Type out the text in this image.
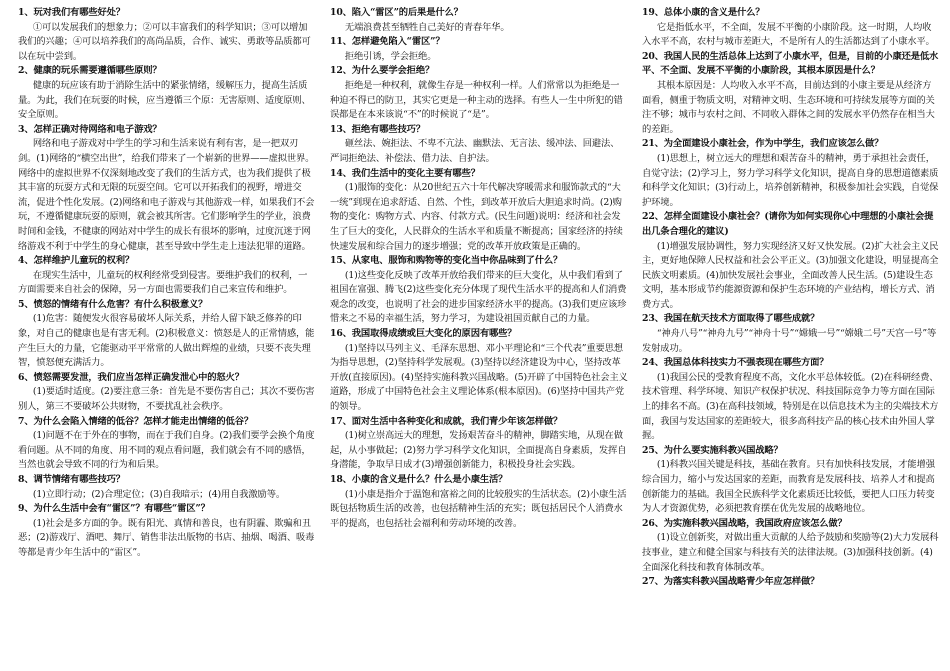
1、玩对我们有哪些好处？
①可以发展我们的想象力；②可以丰富我们的科学知识；③可以增加我们的兴趣；④可以培养我们的高尚品质，合作、诚实、勇敢等品质都可以在玩中尝到。
2、健康的玩乐需要遵循哪些原则？
健康的玩应该有助于消除生活中的紧张情绪，缓解压力，提高生活质量。为此，我们在玩耍的时候，应当遵循三个原：无害原则、适度原则、安全原则。
3、怎样正确对待网络和电子游戏？
网络和电子游戏对中学生的学习和生活来说有利有害，是一把双刃剑。(1)网络的“横空出世”，给我们带来了一个崭新的世界——虚拟世界。网络中的虚拟世界不仅深刻地改变了我们的生活方式，也为我们提供了极其丰富的玩耍方式和无限的玩耍空间。它可以开拓我们的视野，增进交流，促进个性化发展。(2)网络和电子游戏与其他游戏一样，如果我们不会玩，不遵循健康玩耍的原则，就会被其所害。它们影响学生的学业，浪费时间和金钱，不健康的网站对中学生的成长有很坏的影响，过度沉迷于网络游戏不利于中学生的身心健康，甚至导致中学生走上违法犯罪的道路。
4、怎样维护儿童玩的权利？
在现实生活中，儿童玩的权利经常受到侵害。要维护我们的权利，一方面需要来自社会的保障，另一方面也需要我们自己来宣传和维护。
5、愤怒的情绪有什么危害？有什么积极意义？
(1)危害：随便发火很容易破坏人际关系，并给人留下缺乏修养的印象，对自己的健康也是有害无利。(2)积极意义：愤怒是人的正常情感，能产生巨大的力量，它能驱动平平常常的人做出辉煌的业绩，只要不丧失理智，愤怒便充满活力。
6、愤怒需要发泄，我们应当怎样正确发泄心中的怒火？
(1)要适时适度。(2)要注意三条：首先是不要伤害自己；其次不要伤害别人，第三不要破坏公共财物，不要扰乱社会秩序。
7、为什么会陷入情绪的低谷？怎样才能走出情绪的低谷？
(1)问题不在于外在的事物，而在于我们自身。(2)我们要学会换个角度看问题。从不同的角度、用不同的观点看问题，我们就会有不同的感悟，当然也就会导致不同的行为和后果。
8、调节情绪有哪些技巧？
(1)立即行动；(2)合理定位；(3)自我暗示；(4)用自我激励等。
9、为什么生活中会有“雷区”？有哪些“雷区”？
(1)社会是多方面的争。既有阳光、真情和善良，也有阴霾、欺骗和丑恶；(2)游戏厅、酒吧、舞厅、销售非法出版物的书店、抽烟、喝酒、吸毒等都是青少年生活中的“雷区”。
10、陷入“雷区”的后果是什么？
无端浪费甚至牺牲自己美好的青春年华。
11、怎样避免陷入“雷区”？
拒绝引诱，学会拒绝。
12、为什么要学会拒绝？
拒绝是一种权利，就像生存是一种权利一样。人们常常以为拒绝是一种迫不得已的防卫，其实它更是一种主动的选择。有些人一生中所犯的错误都是在本来该说“不”的时候说了“是”。
13、拒绝有哪些技巧？
砸丝法、婉拒法、不卑不亢法、幽默法、无言法、缓冲法、回避法、严词拒绝法、补偿法、借力法、自护法。
14、我们生活中的变化主要有哪些？
(1)服饰的变化：从20世纪五六十年代解决穿暖需求和服饰款式的“大一统”到现在追求舒适、自然、个性，到改革开放后大胆追求时尚。(2)购物的变化：购物方式、内容、付款方式。(民生问题)说明：经济和社会发生了巨大的变化，人民群众的生活水平和质量不断提高；国家经济的持续快速发展和综合国力的逐步增强；党的改革开放政策是正确的。
15、从家电、服饰和购物等的变化当中你品味到了什么？
(1)这些变化反映了改革开放给我们带来的巨大变化，从中我们看到了祖国在富强、腾飞(2)这些变化充分体现了现代生活水平的提高和人们消费观念的改变，也说明了社会的进步国家经济水平的提高。(3)我们更应该珍惜来之不易的幸福生活，努力学习，为建设祖国贡献自己的力量。
16、我国取得成绩或巨大变化的原因有哪些？
(1)坚持以马列主义、毛泽东思想、邓小平理论和“三个代表”重要思想为指导思想，(2)坚持科学发展观。(3)坚持以经济建设为中心，坚持改革开放(直接原因)。(4)坚持实施科教兴国战略。(5)开辟了中国特色社会主义道路，形成了中国特色社会主义理论体系(根本原因)。(6)坚持中国共产党的领导。
17、面对生活中各种变化和成就，我们青少年该怎样做？
(1)树立崇高远大的理想，发扬艰苦奋斗的精神，脚踏实地，从现在做起，从小事做起；(2)努力学习科学文化知识，全面提高自身素质，发挥自身潜能，争取早日成才(3)增强创新能力，积极投身社会实践。
18、小康的含义是什么？什么是小康生活？
(1)小康是指介于温饱和富裕之间的比较殷实的生活状态。(2)小康生活既包括物质生活的改善，也包括精神生活的充实；既包括居民个人消费水平的提高，也包括社会福利和劳动环境的改善。
19、总体小康的含义是什么？
它是指低水平，不全面，发展不平衡的小康阶段。这一时期，人均收入水平不高，农村与城市差距大，不是所有人的生活都达到了小康水平。
20、我国人民的生活总体上达到了小康水平，但是，目前的小康还是低水平、不全面、发展不平衡的小康阶段，其根本原因是什么？
其根本原因是：人均收入水平不高，目前达到的小康主要是从经济方面看，侧重于物质文明，对精神文明、生态环境和可持续发展等方面的关注不够；城市与农村之间、不同收入群体之间的发展水平仍然存在相当大的差距。
21、为全面建设小康社会，作为中学生，我们应该怎么做？
(1)思想上，树立远大的理想和艰苦奋斗的精神，勇于承担社会责任，自觉守法；(2)学习上，努力学习科学文化知识，提高自身的思想道德素质和科学文化知识；(3)行动上，培养创新精神，积极参加社会实践，自觉保护环境。
22、怎样全面建设小康社会？(请你为如何实现你心中理想的小康社会提出几条合理化的建议)
(1)增强发展协调性，努力实现经济又好又快发展。(2)扩大社会主义民主，更好地保障人民权益和社会公平正义。(3)加强文化建设，明显提高全民族文明素质。(4)加快发展社会事业，全面改善人民生活。(5)建设生态文明，基本形成节约能源资源和保护生态环境的产业结构，增长方式、消费方式。
23、我国在航天技术方面取得了哪些成就？
“神舟八号”“神舟九号”“神舟十号”“嫦娥一号”“嫦娥二号”天宫一号”等发射成功。
24、我国总体科技实力不强表现在哪些方面？
(1)我国公民的受教育程度不高，文化水平总体较低。(2)在科研经费、技术管理、科学环境、知识产权保护状况、科技国际竞争力等方面在国际上的排名不高。(3)在高科技领域，特别是在以信息技术为主的尖端技术方面，我国与发达国家的差距较大，很多高科技产品的核心技术由外国人掌握。
25、为什么要实施科教兴国战略？
(1)科教兴国关键是科技，基础在教育。只有加快科技发展，才能增强综合国力，缩小与发达国家的差距，而教育是发展科技、培养人才和提高创新能力的基础。我国全民族科学文化素质还比较低，要把人口压力转变为人才资源优势，必须把教育摆在优先发展的战略地位。
26、为实施科教兴国战略，我国政府应该怎么做？
(1)设立创新奖，对做出重大贡献的人给予鼓励和奖励等(2)大力发展科技事业，建立和健全国家与科技有关的法律法规。(3)加强科技创新。(4)全面深化科技和教育体制改革。
27、为落实科教兴国战略青少年应怎样做？
